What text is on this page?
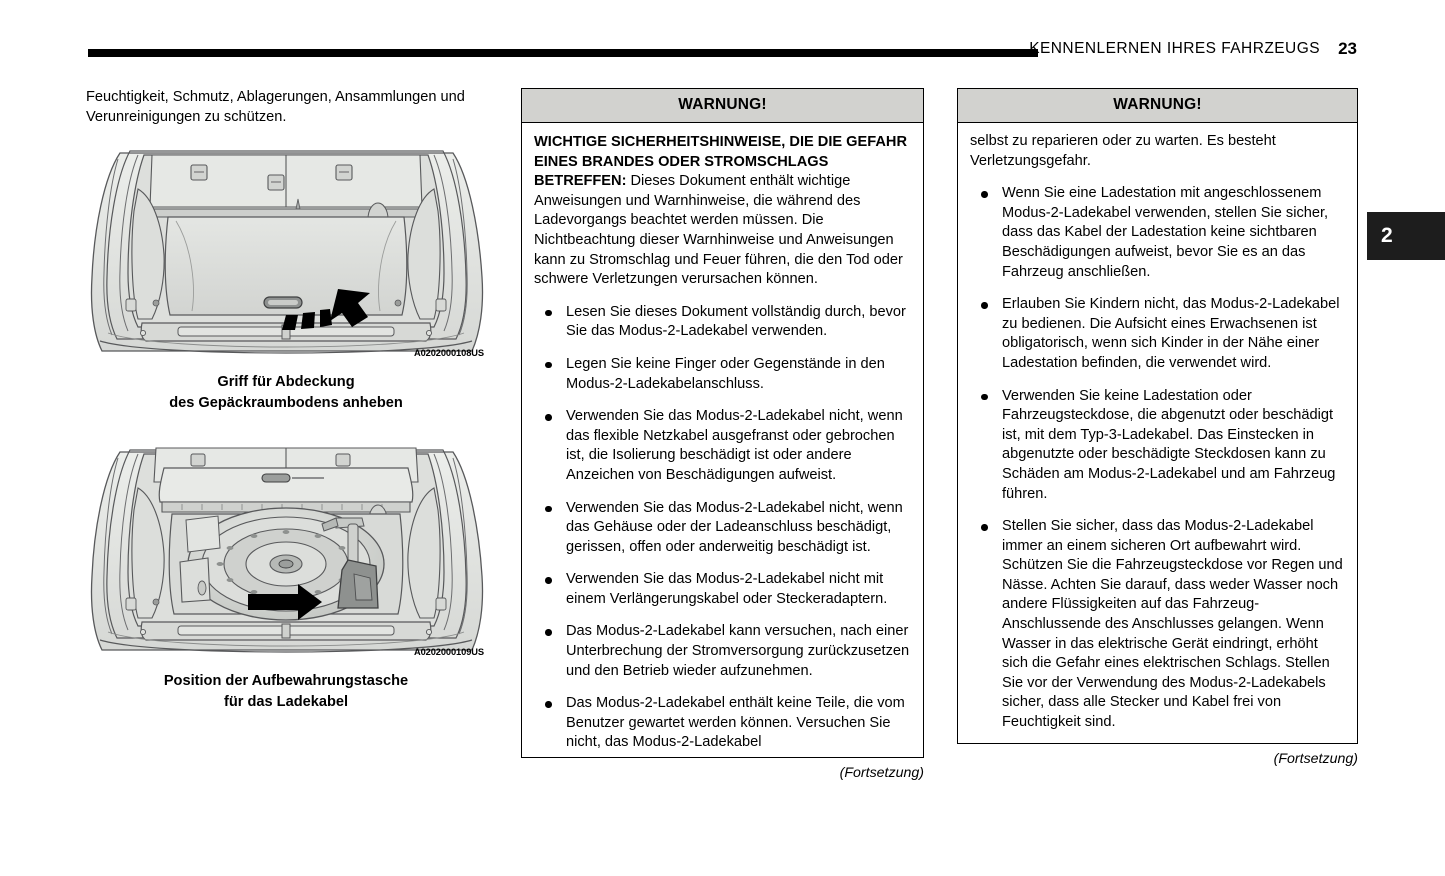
KENNENLERNEN IHRES FAHRZEUGS 23
2

Feuchtigkeit, Schmutz, Ablagerungen, Ansammlungen und Verunreinigungen zu schützen.

A0202000108US
Griff für Abdeckung
des Gepäckraumbodens anheben
A0202000109US
Position der Aufbewahrungstasche
für das Ladekabel
WARNUNG!

WICHTIGE SICHERHEITSHINWEISE, DIE DIE GEFAHR EINES BRANDES ODER STROMSCHLAGS BETREFFEN: Dieses Dokument enthält wichtige Anweisungen und Warnhinweise, die während des Ladevorgangs beachtet werden müssen. Die Nichtbeachtung dieser Warnhinweise und Anweisungen kann zu Stromschlag und Feuer führen, die den Tod oder schwere Verletzungen verursachen können.

Lesen Sie dieses Dokument vollständig durch, bevor Sie das Modus-2-Ladekabel verwenden.
Legen Sie keine Finger oder Gegenstände in den Modus-2-Ladekabelanschluss.
Verwenden Sie das Modus-2-Ladekabel nicht, wenn das flexible Netzkabel ausgefranst oder gebrochen ist, die Isolierung beschädigt ist oder andere Anzeichen von Beschädigungen aufweist.
Verwenden Sie das Modus-2-Ladekabel nicht, wenn das Gehäuse oder der Ladeanschluss beschädigt, gerissen, offen oder anderweitig beschädigt ist.
Verwenden Sie das Modus-2-Ladekabel nicht mit einem Verlängerungskabel oder Steckeradaptern.
Das Modus-2-Ladekabel kann versuchen, nach einer Unterbrechung der Stromversorgung zurückzusetzen und den Betrieb wieder aufzunehmen.
Das Modus-2-Ladekabel enthält keine Teile, die vom Benutzer gewartet werden können. Versuchen Sie nicht, das Modus-2-Ladekabel
(Fortsetzung)
WARNUNG!

selbst zu reparieren oder zu warten. Es besteht Verletzungsgefahr.

Wenn Sie eine Ladestation mit angeschlossenem Modus-2-Ladekabel verwenden, stellen Sie sicher, dass das Kabel der Ladestation keine sichtbaren Beschädigungen aufweist, bevor Sie es an das Fahrzeug anschließen.
Erlauben Sie Kindern nicht, das Modus-2-Ladekabel zu bedienen. Die Aufsicht eines Erwachsenen ist obligatorisch, wenn sich Kinder in der Nähe einer Ladestation befinden, die verwendet wird.
Verwenden Sie keine Ladestation oder Fahrzeugsteckdose, die abgenutzt oder beschädigt ist, mit dem Typ-3-Ladekabel. Das Einstecken in abgenutzte oder beschädigte Steckdosen kann zu Schäden am Modus-2-Ladekabel und am Fahrzeug führen.
Stellen Sie sicher, dass das Modus-2-Ladekabel immer an einem sicheren Ort aufbewahrt wird. Schützen Sie die Fahrzeugsteckdose vor Regen und Nässe. Achten Sie darauf, dass weder Wasser noch andere Flüssigkeiten auf das Fahrzeug-Anschlussende des Anschlusses gelangen. Wenn Wasser in das elektrische Gerät eindringt, erhöht sich die Gefahr eines elektrischen Schlags. Stellen Sie vor der Verwendung des Modus-2-Ladekabels sicher, dass alle Stecker und Kabel frei von Feuchtigkeit sind.
(Fortsetzung)
